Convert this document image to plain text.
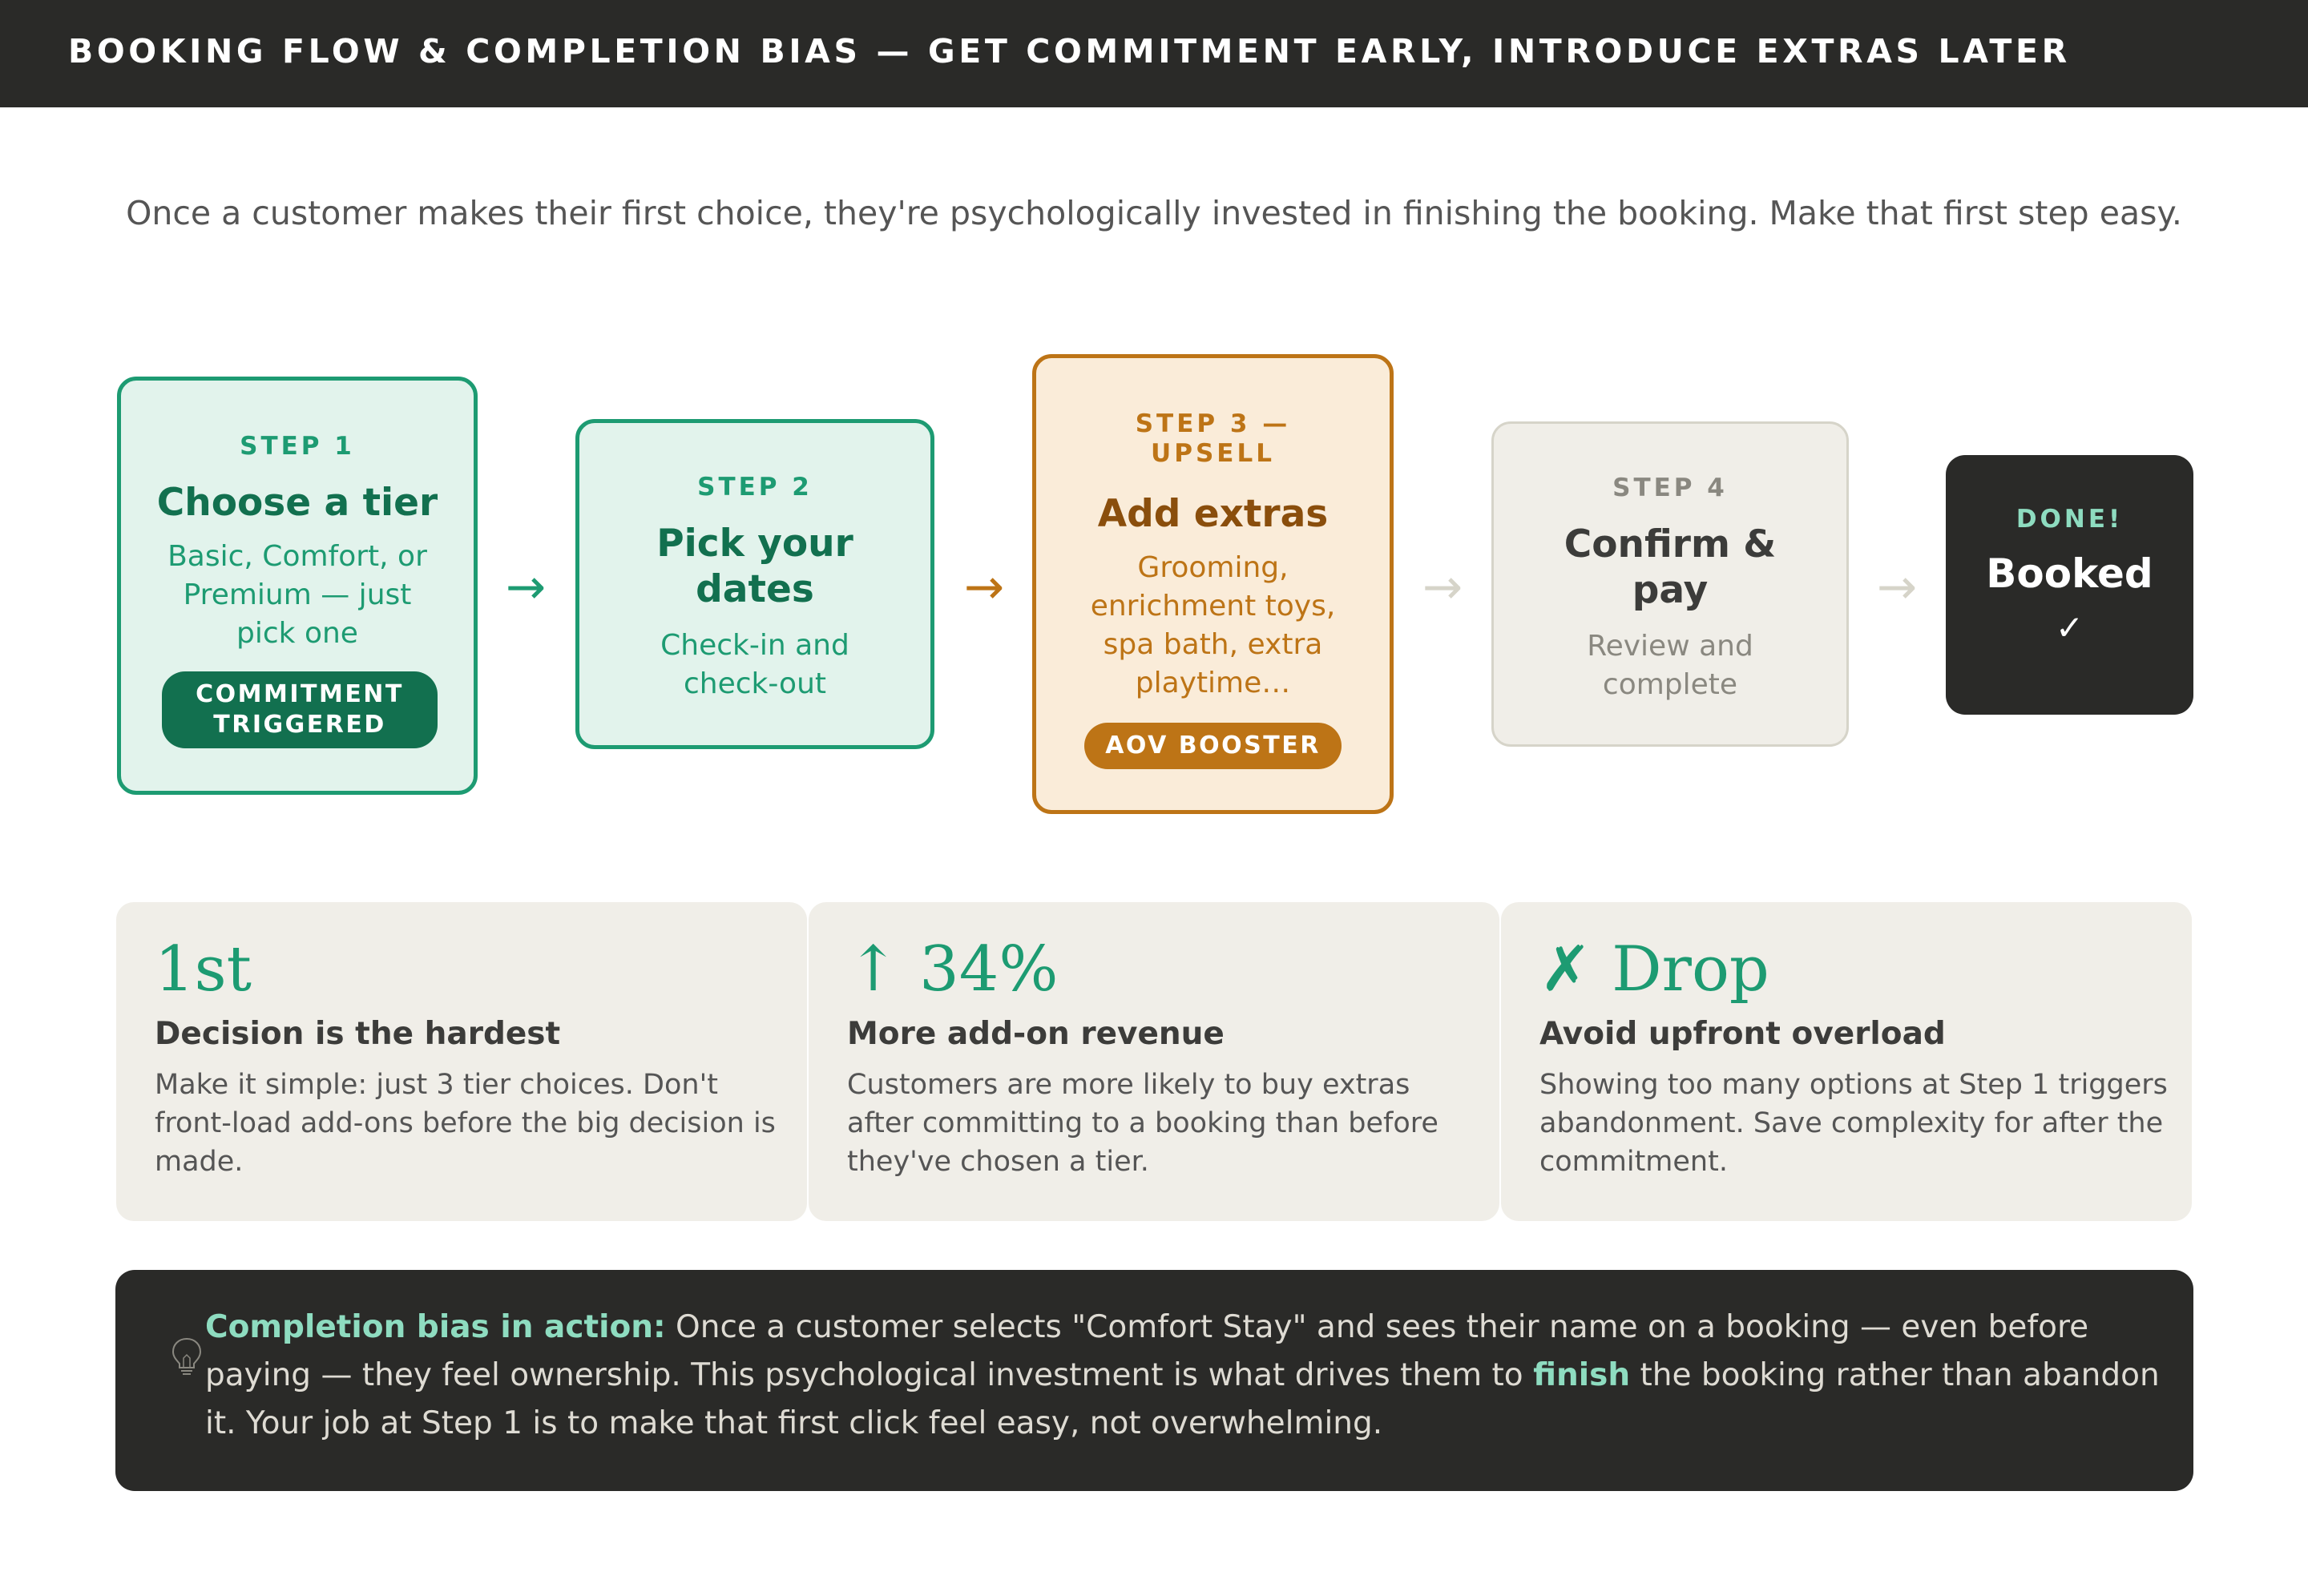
BOOKING FLOW & COMPLETION BIAS — GET COMMITMENT EARLY, INTRODUCE EXTRAS LATER
Once a customer makes their first choice, they're psychologically invested in finishing the booking. Make that first step easy.
STEP 1
Choose a tier
Basic, Comfort, or Premium — just pick one
COMMITMENT TRIGGERED
→
STEP 2
Pick your dates
Check-in and check-out
→
STEP 3 — UPSELL
Add extras
Grooming, enrichment toys, spa bath, extra playtime…
AOV BOOSTER
→
STEP 4
Confirm & pay
Review and complete
→
DONE!
Booked
✓
1st
Decision is the hardest
Make it simple: just 3 tier choices. Don't front-load add-ons before the big decision is made.
↑ 34%
More add-on revenue
Customers are more likely to buy extras after committing to a booking than before they've chosen a tier.
✗ Drop
Avoid upfront overload
Showing too many options at Step 1 triggers abandonment. Save complexity for after the commitment.
Completion bias in action: Once a customer selects "Comfort Stay" and sees their name on a booking — even before paying — they feel ownership. This psychological investment is what drives them to finish the booking rather than abandon it. Your job at Step 1 is to make that first click feel easy, not overwhelming.
